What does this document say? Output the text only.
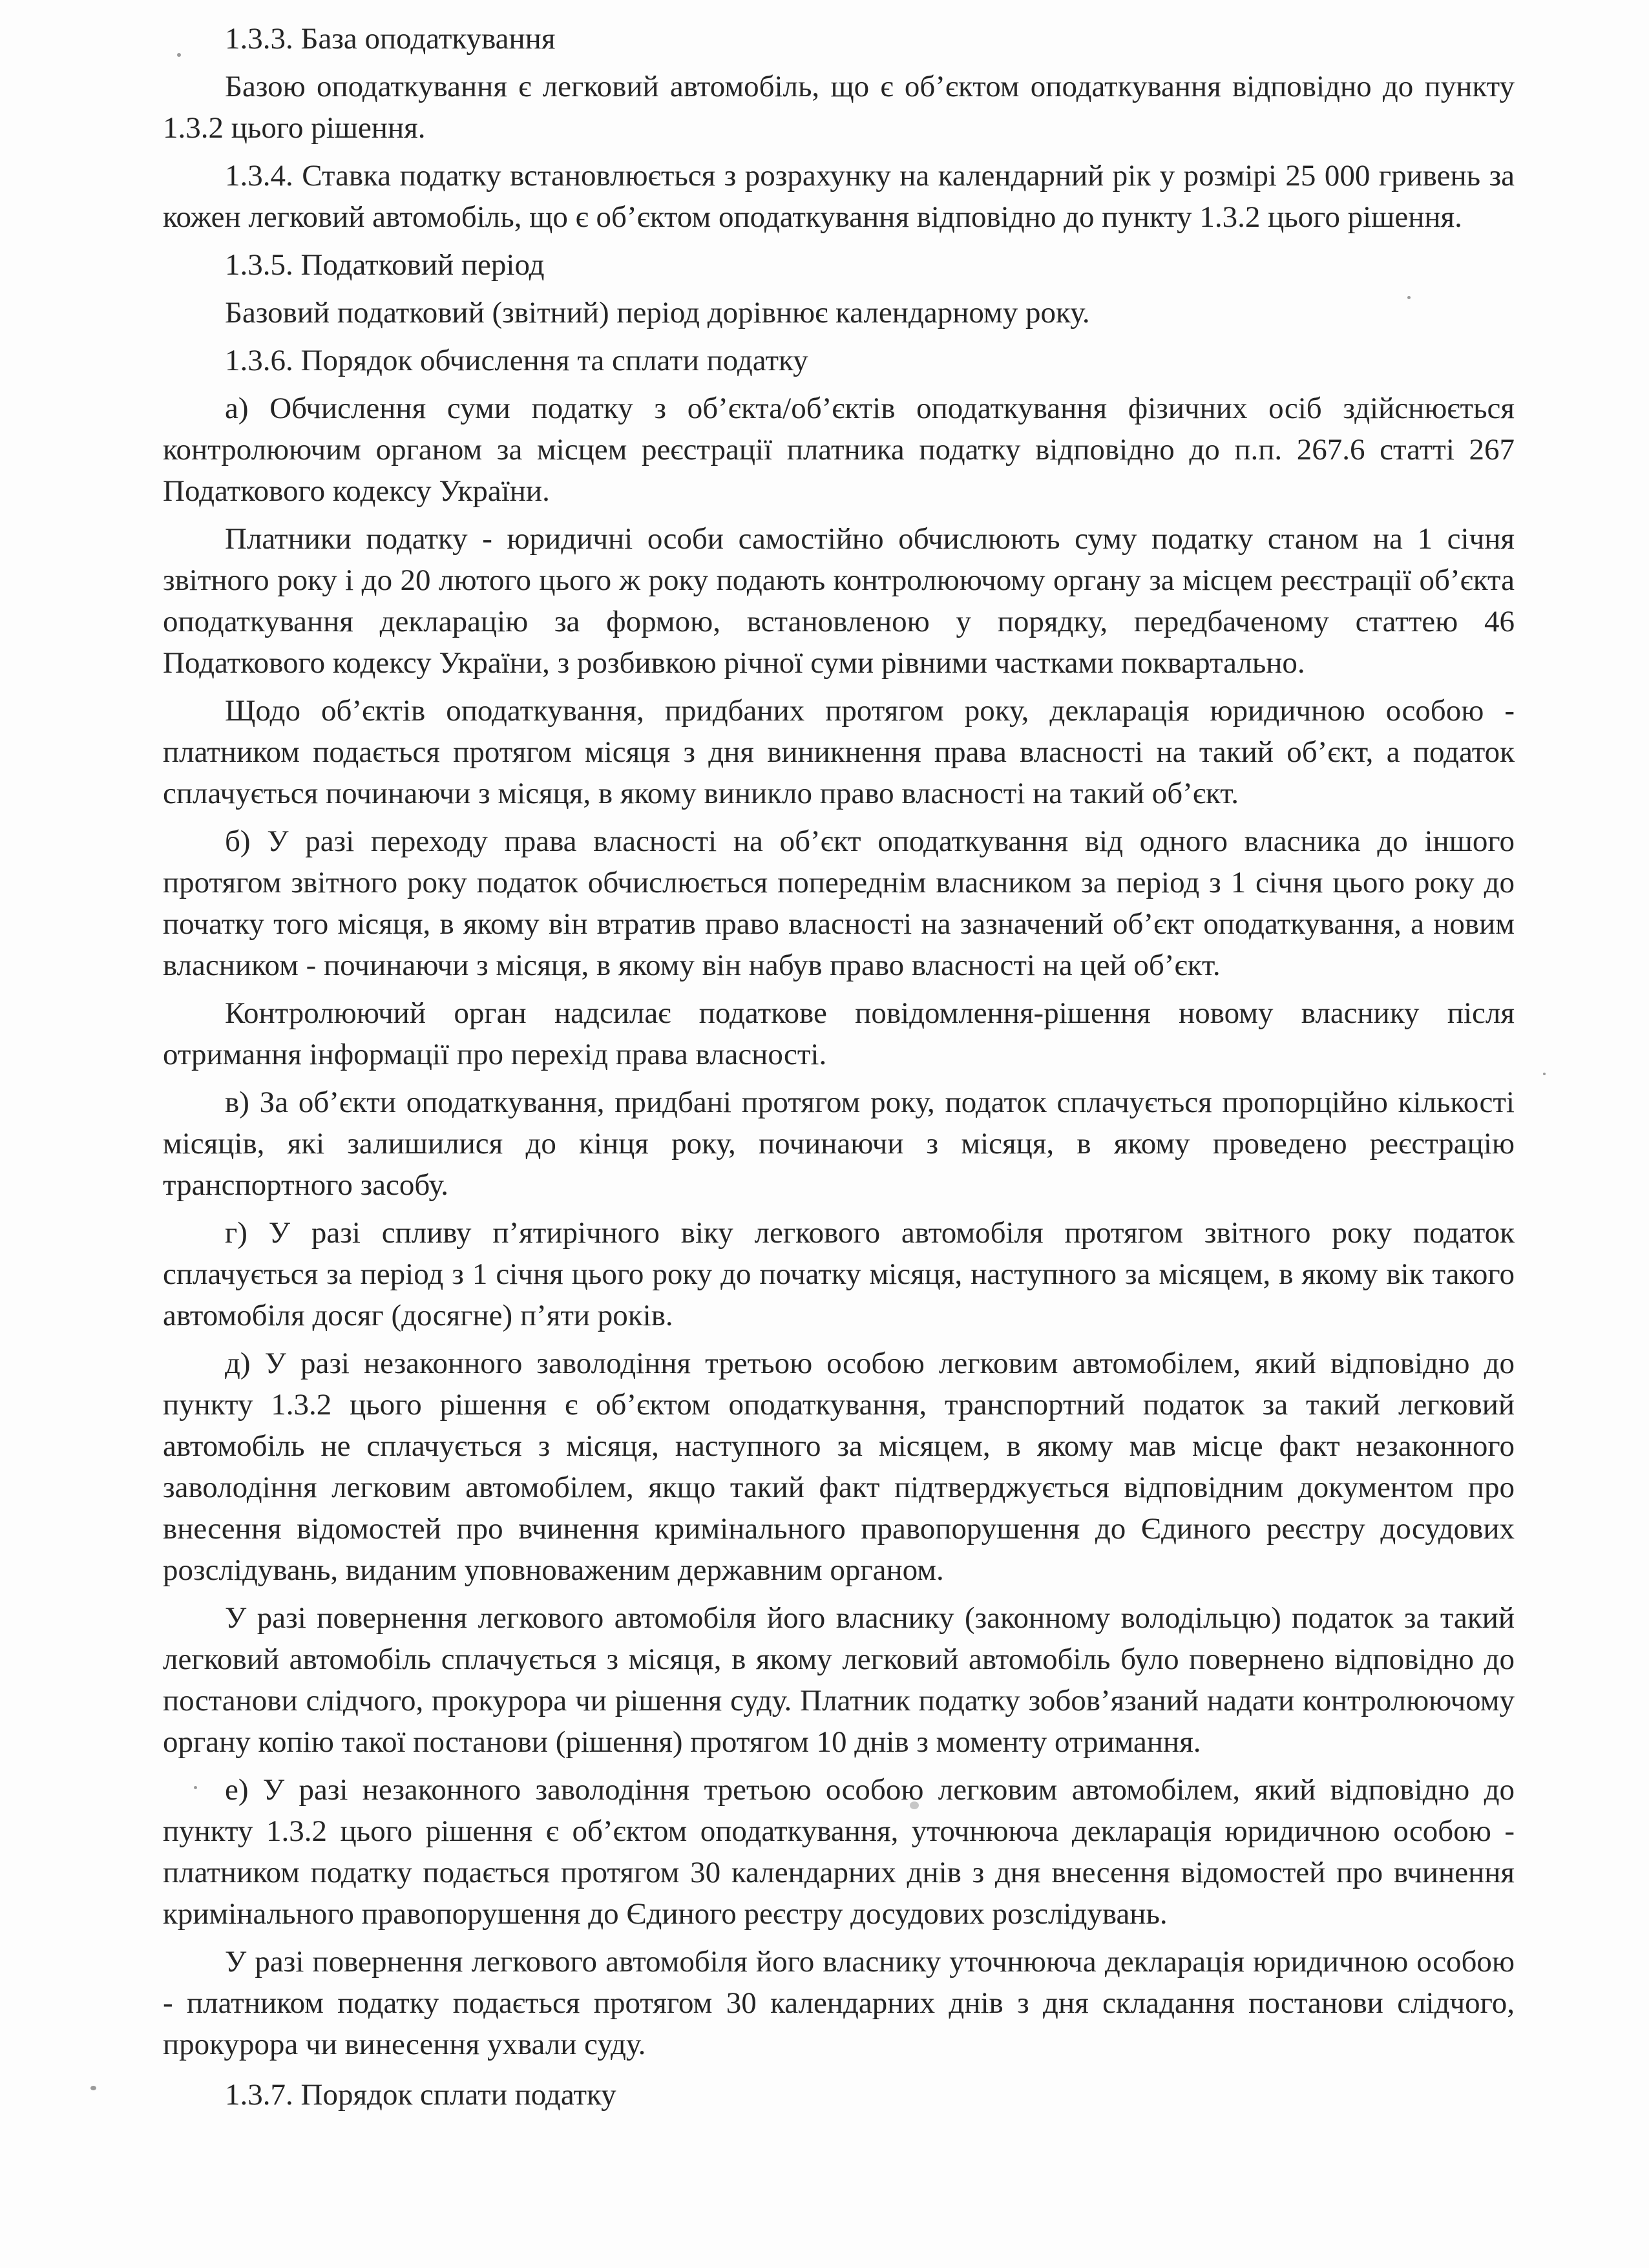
1.3.3. База оподаткування

Базою оподаткування є легковий автомобіль, що є об’єктом оподаткування відповідно до пункту 1.3.2 цього рішення.

1.3.4. Ставка податку встановлюється з розрахунку на календарний рік у розмірі 25 000 гривень за кожен легковий автомобіль, що є об’єктом оподаткування відповідно до пункту 1.3.2 цього рішення.

1.3.5. Податковий період

Базовий податковий (звітний) період дорівнює календарному року.

1.3.6. Порядок обчислення та сплати податку

а) Обчислення суми податку з об’єкта/об’єктів оподаткування фізичних осіб здійснюється контролюючим органом за місцем реєстрації платника податку відповідно до п.п. 267.6 статті 267 Податкового кодексу України.

Платники податку - юридичні особи самостійно обчислюють суму податку станом на 1 січня звітного року і до 20 лютого цього ж року подають контролюючому органу за місцем реєстрації об’єкта оподаткування декларацію за формою, встановленою у порядку, передбаченому статтею 46 Податкового кодексу України, з розбивкою річної суми рівними частками поквартально.

Щодо об’єктів оподаткування, придбаних протягом року, декларація юридичною особою - платником подається протягом місяця з дня виникнення права власності на такий об’єкт, а податок сплачується починаючи з місяця, в якому виникло право власності на такий об’єкт.

б) У разі переходу права власності на об’єкт оподаткування від одного власника до іншого протягом звітного року податок обчислюється попереднім власником за період з 1 січня цього року до початку того місяця, в якому він втратив право власності на зазначений об’єкт оподаткування, а новим власником - починаючи з місяця, в якому він набув право власності на цей об’єкт.

Контролюючий орган надсилає податкове повідомлення-рішення новому власнику після отримання інформації про перехід права власності.

в) За об’єкти оподаткування, придбані протягом року, податок сплачується пропорційно кількості місяців, які залишилися до кінця року, починаючи з місяця, в якому проведено реєстрацію транспортного засобу.

г) У разі спливу п’ятирічного віку легкового автомобіля протягом звітного року податок сплачується за період з 1 січня цього року до початку місяця, наступного за місяцем, в якому вік такого автомобіля досяг (досягне) п’яти років.

д) У разі незаконного заволодіння третьою особою легковим автомобілем, який відповідно до пункту 1.3.2 цього рішення є об’єктом оподаткування, транспортний податок за такий легковий автомобіль не сплачується з місяця, наступного за місяцем, в якому мав місце факт незаконного заволодіння легковим автомобілем, якщо такий факт підтверджується відповідним документом про внесення відомостей про вчинення кримінального правопорушення до Єдиного реєстру досудових розслідувань, виданим уповноваженим державним органом.

У разі повернення легкового автомобіля його власнику (законному володільцю) податок за такий легковий автомобіль сплачується з місяця, в якому легковий автомобіль було повернено відповідно до постанови слідчого, прокурора чи рішення суду. Платник податку зобов’язаний надати контролюючому органу копію такої постанови (рішення) протягом 10 днів з моменту отримання.

е) У разі незаконного заволодіння третьою особою легковим автомобілем, який відповідно до пункту 1.3.2 цього рішення є об’єктом оподаткування, уточнююча декларація юридичною особою - платником податку подається протягом 30 календарних днів з дня внесення відомостей про вчинення кримінального правопорушення до Єдиного реєстру досудових розслідувань.

У разі повернення легкового автомобіля його власнику уточнююча декларація юридичною особою - платником податку подається протягом 30 календарних днів з дня складання постанови слідчого, прокурора чи винесення ухвали суду.

1.3.7. Порядок сплати податку
